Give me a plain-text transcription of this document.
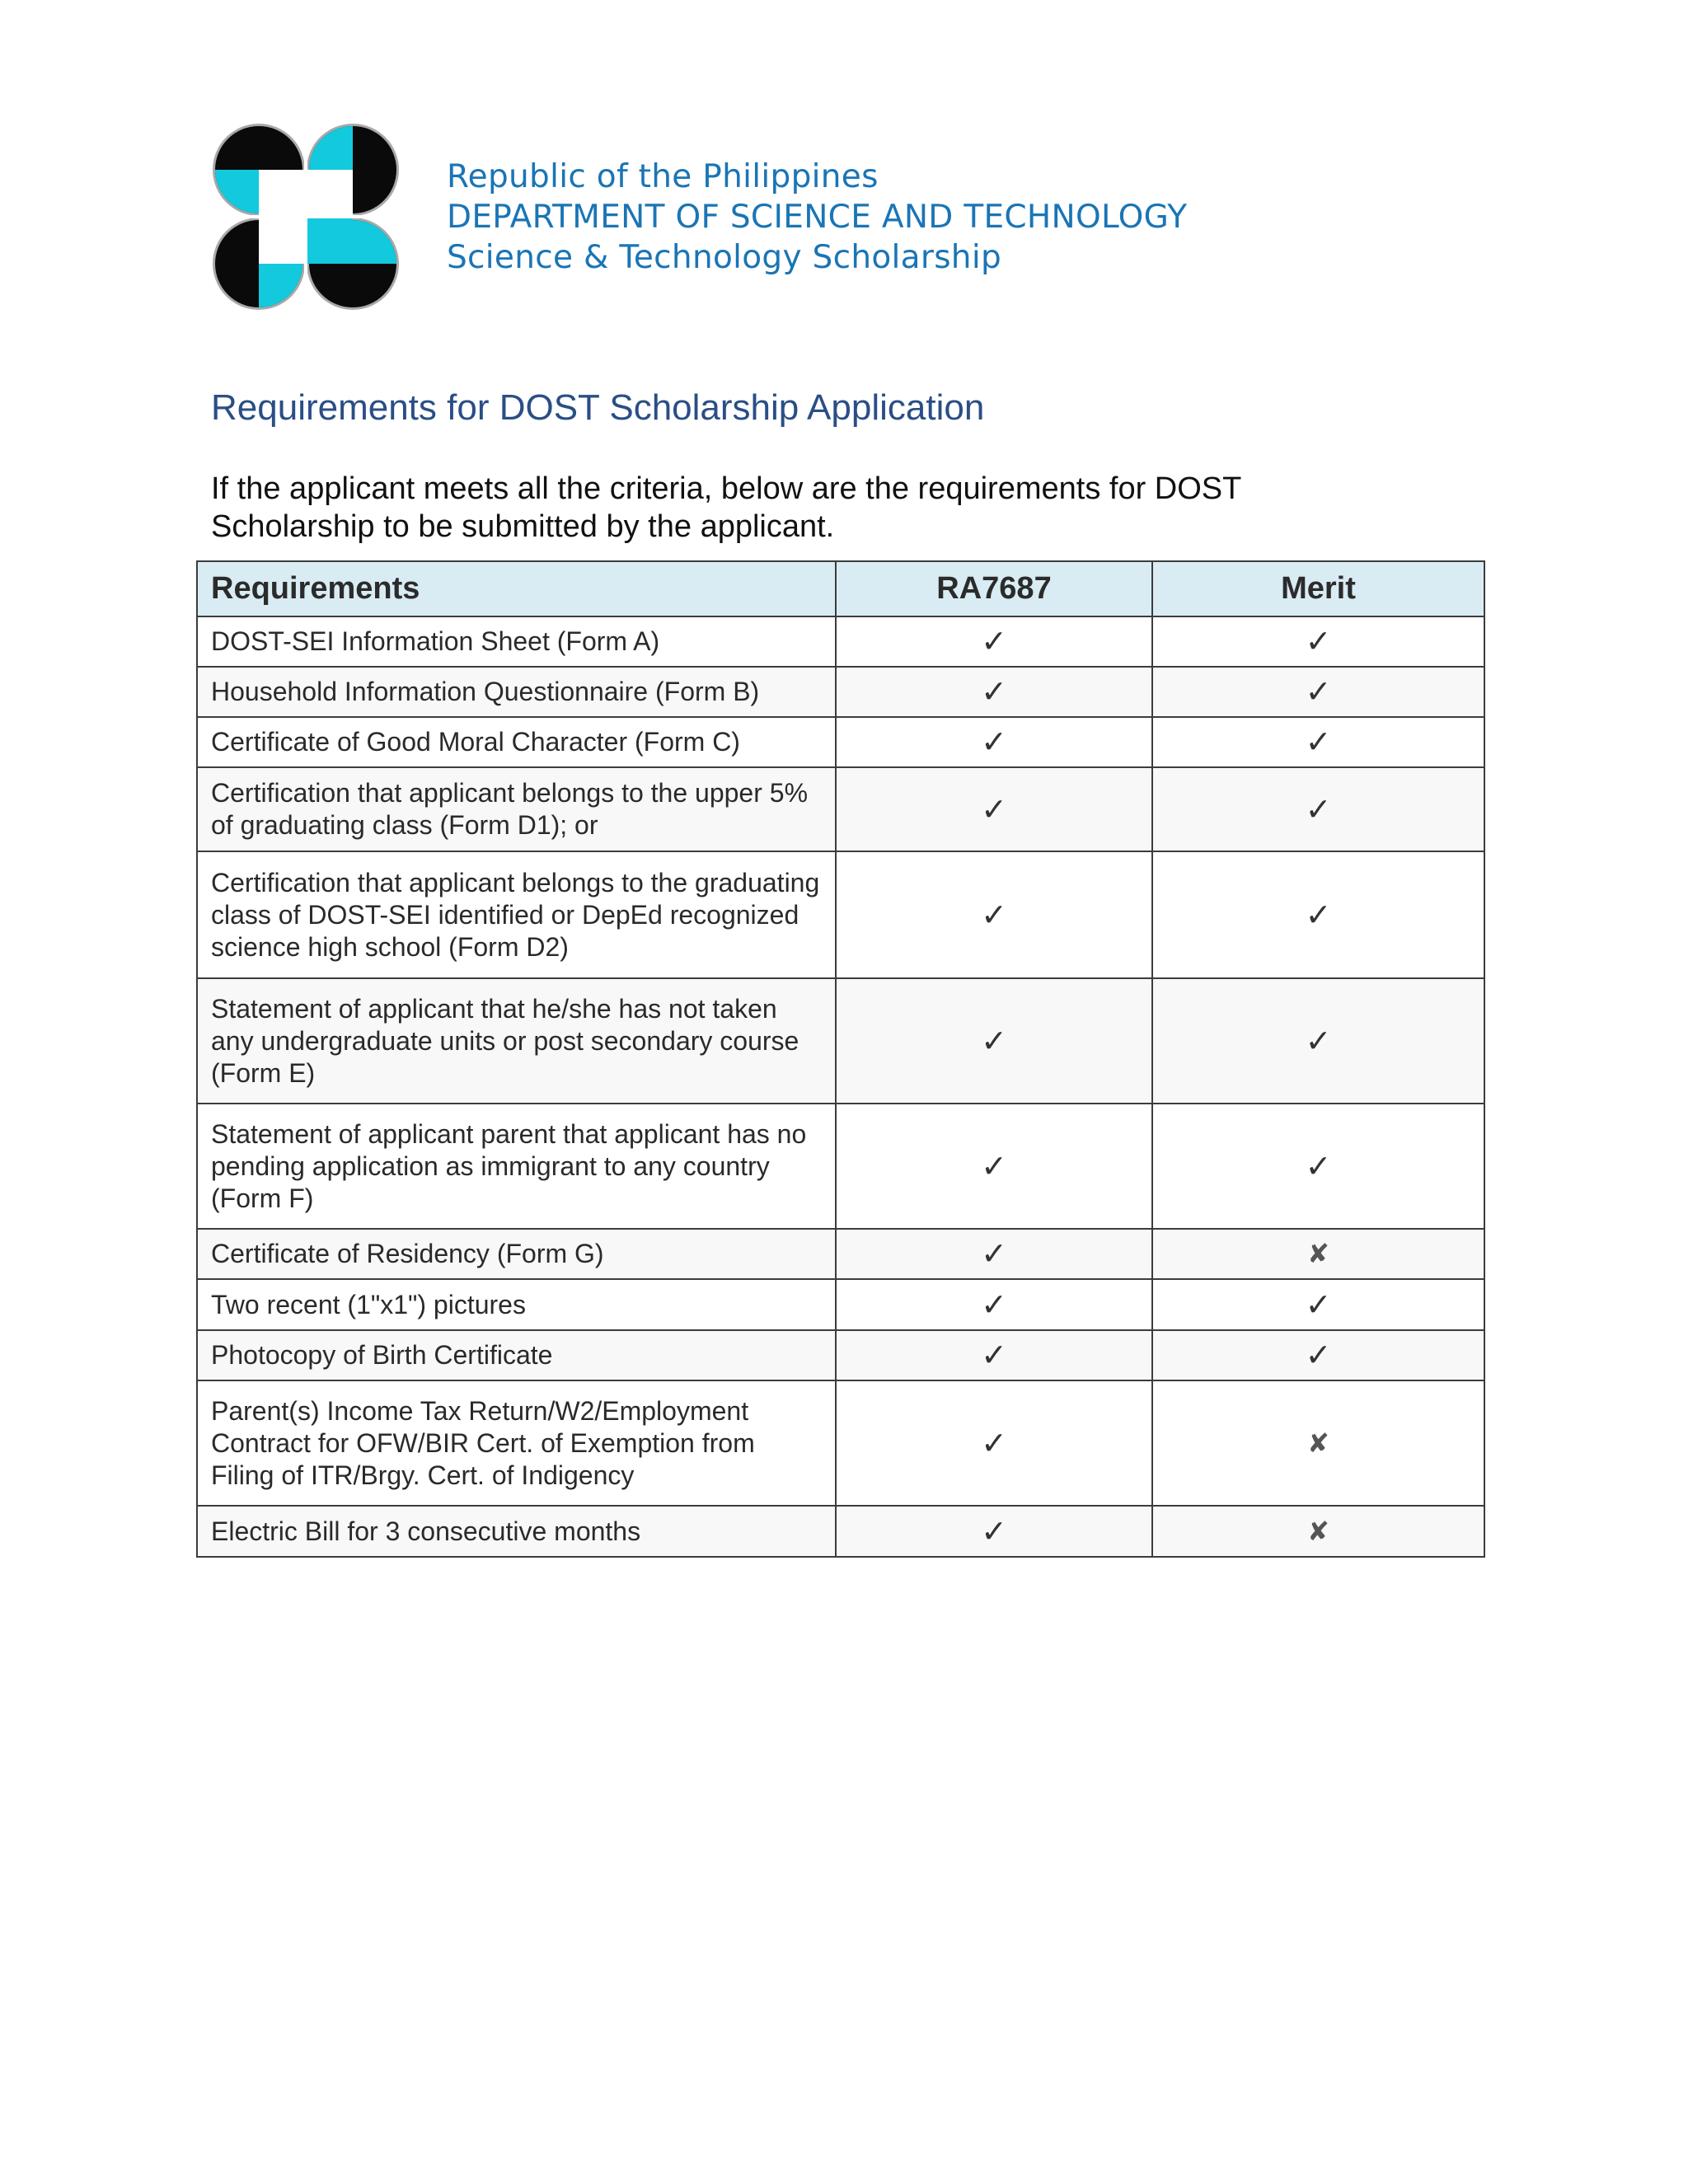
Republic of the Philippines
DEPARTMENT OF SCIENCE AND TECHNOLOGY
Science & Technology Scholarship
Requirements for DOST Scholarship Application

If the applicant meets all the criteria, below are the requirements for DOST Scholarship to be submitted by the applicant.

Requirements	RA7687	Merit
DOST-SEI Information Sheet (Form A)	✓	✓
Household Information Questionnaire (Form B)	✓	✓
Certificate of Good Moral Character (Form C)	✓	✓
Certification that applicant belongs to the upper 5% of graduating class (Form D1); or	✓	✓
Certification that applicant belongs to the graduating class of DOST-SEI identified or DepEd recognized science high school (Form D2)	✓	✓
Statement of applicant that he/she has not taken any undergraduate units or post secondary course (Form E)	✓	✓
Statement of applicant parent that applicant has no pending application as immigrant to any country (Form F)	✓	✓
Certificate of Residency (Form G)	✓	✘
Two recent (1"x1") pictures	✓	✓
Photocopy of Birth Certificate	✓	✓
Parent(s) Income Tax Return/W2/Employment Contract for OFW/BIR Cert. of Exemption from Filing of ITR/Brgy. Cert. of Indigency	✓	✘
Electric Bill for 3 consecutive months	✓	✘
